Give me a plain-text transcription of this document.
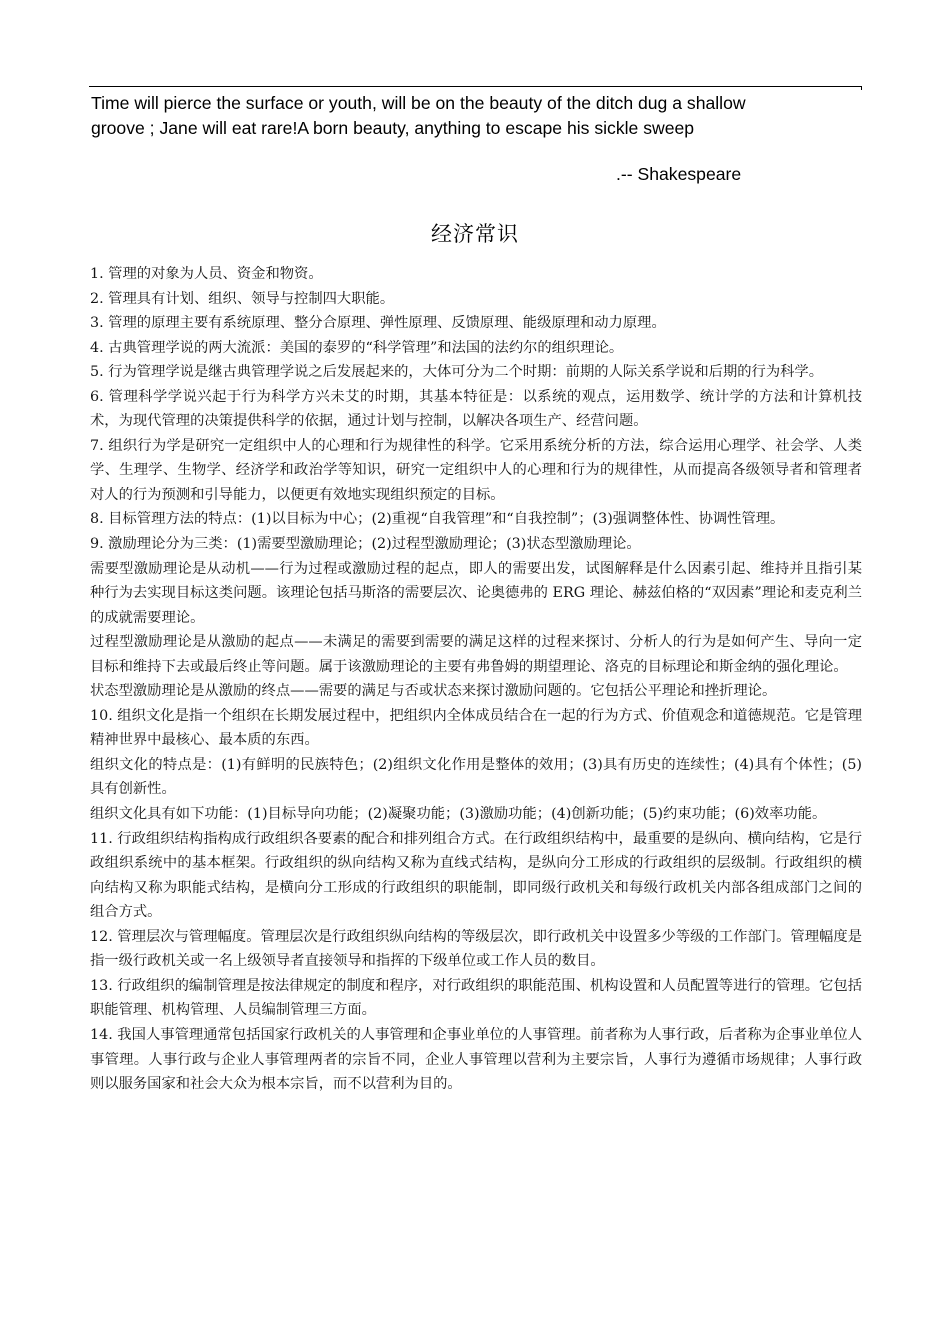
Time will pierce the surface or youth, will be on the beauty of the ditch dug a shallow
groove ; Jane will eat rare!A born beauty, anything to escape his sickle sweep
.-- Shakespeare
经济常识

1. 管理的对象为人员、资金和物资。

2. 管理具有计划、组织、领导与控制四大职能。

3. 管理的原理主要有系统原理、整分合原理、弹性原理、反馈原理、能级原理和动力原理。

4. 古典管理学说的两大流派：美国的泰罗的“科学管理”和法国的法约尔的组织理论。

5. 行为管理学说是继古典管理学说之后发展起来的，大体可分为二个时期：前期的人际关系学说和后期的行为科学。

6. 管理科学学说兴起于行为科学方兴未艾的时期，其基本特征是：以系统的观点，运用数学、统计学的方法和计算机技术，为现代管理的决策提供科学的依据，通过计划与控制，以解决各项生产、经营问题。

7. 组织行为学是研究一定组织中人的心理和行为规律性的科学。它采用系统分析的方法，综合运用心理学、社会学、人类学、生理学、生物学、经济学和政治学等知识，研究一定组织中人的心理和行为的规律性，从而提高各级领导者和管理者对人的行为预测和引导能力，以便更有效地实现组织预定的目标。

8. 目标管理方法的特点：(1)以目标为中心；(2)重视“自我管理”和“自我控制”；(3)强调整体性、协调性管理。

9. 激励理论分为三类：(1)需要型激励理论；(2)过程型激励理论；(3)状态型激励理论。

需要型激励理论是从动机——行为过程或激励过程的起点，即人的需要出发，试图解释是什么因素引起、维持并且指引某种行为去实现目标这类问题。该理论包括马斯洛的需要层次、论奥德弗的 ERG 理论、赫兹伯格的“双因素”理论和麦克利兰的成就需要理论。

过程型激励理论是从激励的起点——未满足的需要到需要的满足这样的过程来探讨、分析人的行为是如何产生、导向一定目标和维持下去或最后终止等问题。属于该激励理论的主要有弗鲁姆的期望理论、洛克的目标理论和斯金纳的强化理论。

状态型激励理论是从激励的终点——需要的满足与否或状态来探讨激励问题的。它包括公平理论和挫折理论。

10. 组织文化是指一个组织在长期发展过程中，把组织内全体成员结合在一起的行为方式、价值观念和道德规范。它是管理精神世界中最核心、最本质的东西。

组织文化的特点是：(1)有鲜明的民族特色；(2)组织文化作用是整体的效用；(3)具有历史的连续性；(4)具有个体性；(5)具有创新性。

组织文化具有如下功能：(1)目标导向功能；(2)凝聚功能；(3)激励功能；(4)创新功能；(5)约束功能；(6)效率功能。

11. 行政组织结构指构成行政组织各要素的配合和排列组合方式。在行政组织结构中，最重要的是纵向、横向结构，它是行政组织系统中的基本框架。行政组织的纵向结构又称为直线式结构，是纵向分工形成的行政组织的层级制。行政组织的横向结构又称为职能式结构，是横向分工形成的行政组织的职能制，即同级行政机关和每级行政机关内部各组成部门之间的组合方式。

12. 管理层次与管理幅度。管理层次是行政组织纵向结构的等级层次，即行政机关中设置多少等级的工作部门。管理幅度是指一级行政机关或一名上级领导者直接领导和指挥的下级单位或工作人员的数目。

13. 行政组织的编制管理是按法律规定的制度和程序，对行政组织的职能范围、机构设置和人员配置等进行的管理。它包括职能管理、机构管理、人员编制管理三方面。

14. 我国人事管理通常包括国家行政机关的人事管理和企事业单位的人事管理。前者称为人事行政，后者称为企事业单位人事管理。人事行政与企业人事管理两者的宗旨不同，企业人事管理以营利为主要宗旨，人事行为遵循市场规律；人事行政则以服务国家和社会大众为根本宗旨，而不以营利为目的。
